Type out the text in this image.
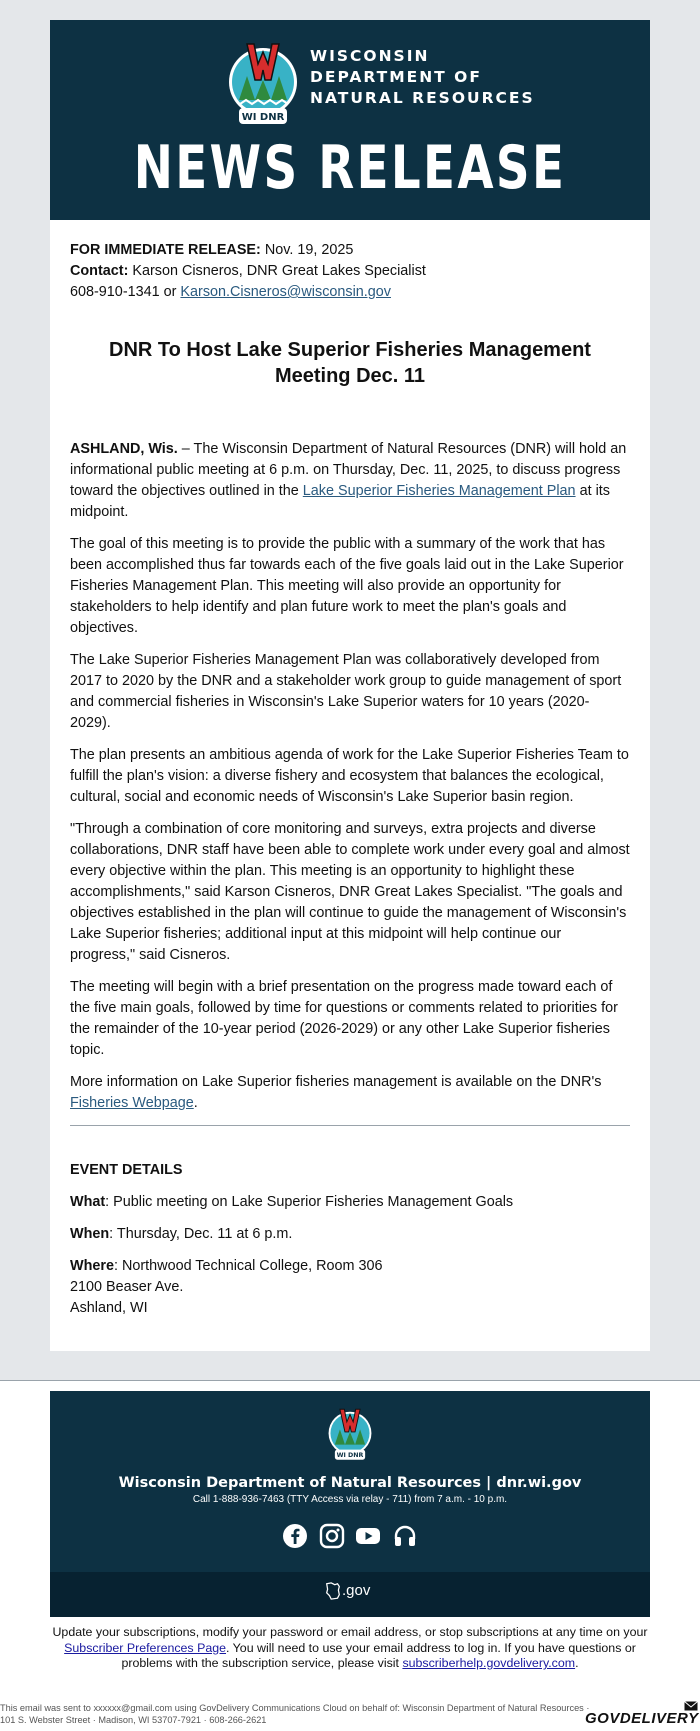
WI DNR
WISCONSIN
DEPARTMENT OF
NATURAL RESOURCES
NEWS RELEASE

FOR IMMEDIATE RELEASE: Nov. 19, 2025

Contact: Karson Cisneros, DNR Great Lakes Specialist

608-910-1341 or Karson.Cisneros@wisconsin.gov

DNR To Host Lake Superior Fisheries Management Meeting Dec. 11

ASHLAND, Wis. – The Wisconsin Department of Natural Resources (DNR) will hold an informational public meeting at 6 p.m. on Thursday, Dec. 11, 2025, to discuss progress toward the objectives outlined in the Lake Superior Fisheries Management Plan at its midpoint.

The goal of this meeting is to provide the public with a summary of the work that has been accomplished thus far towards each of the five goals laid out in the Lake Superior Fisheries Management Plan. This meeting will also provide an opportunity for stakeholders to help identify and plan future work to meet the plan's goals and objectives.

The Lake Superior Fisheries Management Plan was collaboratively developed from 2017 to 2020 by the DNR and a stakeholder work group to guide management of sport and commercial fisheries in Wisconsin's Lake Superior waters for 10 years (2020-2029).

The plan presents an ambitious agenda of work for the Lake Superior Fisheries Team to fulfill the plan's vision: a diverse fishery and ecosystem that balances the ecological, cultural, social and economic needs of Wisconsin's Lake Superior basin region.

"Through a combination of core monitoring and surveys, extra projects and diverse collaborations, DNR staff have been able to complete work under every goal and almost every objective within the plan. This meeting is an opportunity to highlight these accomplishments," said Karson Cisneros, DNR Great Lakes Specialist. "The goals and objectives established in the plan will continue to guide the management of Wisconsin's Lake Superior fisheries; additional input at this midpoint will help continue our progress," said Cisneros.

The meeting will begin with a brief presentation on the progress made toward each of the five main goals, followed by time for questions or comments related to priorities for the remainder of the 10-year period (2026-2029) or any other Lake Superior fisheries topic.

More information on Lake Superior fisheries management is available on the DNR's Fisheries Webpage.

EVENT DETAILS

What: Public meeting on Lake Superior Fisheries Management Goals

When: Thursday, Dec. 11 at 6 p.m.

Where: Northwood Technical College, Room 306
2100 Beaser Ave.
Ashland, WI

WI DNR
Wisconsin Department of Natural Resources | dnr.wi.gov
Call 1-888-936-7463 (TTY Access via relay - 711) from 7 a.m. - 10 p.m.

.gov
Update your subscriptions, modify your password or email address, or stop subscriptions at any time on your Subscriber Preferences Page. You will need to use your email address to log in. If you have questions or problems with the subscription service, please visit subscriberhelp.govdelivery.com.
This email was sent to xxxxxx@gmail.com using GovDelivery Communications Cloud on behalf of: Wisconsin Department of Natural Resources · 101 S. Webster Street · Madison, WI 53707-7921 · 608-266-2621	GOVDELIVERY
